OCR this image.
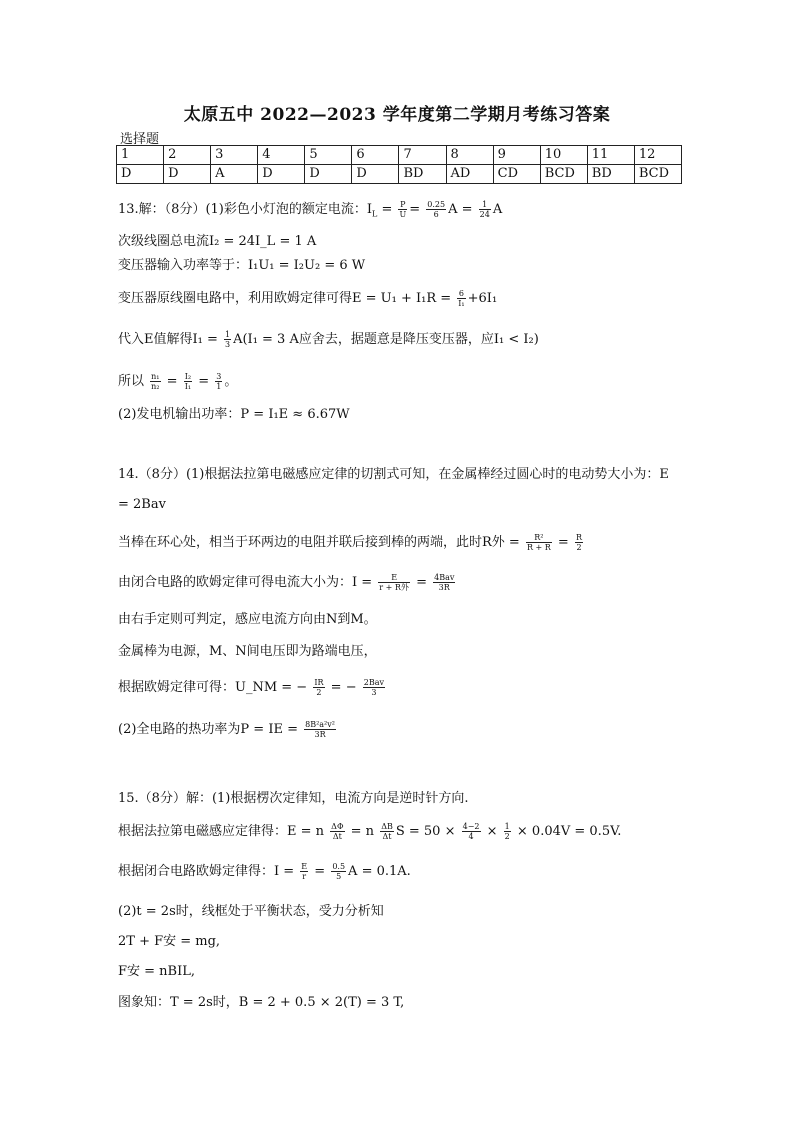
太原五中 2022—2023 学年度第二学期月考练习答案
选择题
1	2	3	4	5	6	7	8	9	10	11	12
D	D	A	D	D	D	BD	AD	CD	BCD	BD	BCD
13.解：（8分）(1)彩色小灯泡的额定电流：$I_L = \frac{P}{U} = \frac{0.25}{6}$ $A = \frac{1}{24}$ A
次级线圈总电流I₂ = 24I_L = 1 A
变压器输入功率等于：I₁U₁ = I₂U₂ = 6 W
变压器原线圈电路中，利用欧姆定律可得$E = U_1 + I_1R = \frac{6}{\text{I₁}} +6I_1$
代入E值解得$I_1 = \frac{1}{3} A(I_1 = 3$ A应舍去，据题意是降压变压器，应I₁ < I₂)
所以 $\frac{\text{n₁}}{\text{n₂}} = \frac{\text{I₂}}{\text{I₁}} = \frac{3}{1}$ 。
(2)发电机输出功率：P = I₁E ≈ 6.67W
14.（8分）(1)根据法拉第电磁感应定律的切割式可知，在金属棒经过圆心时的电动势大小为：E = 2Bav
当棒在环心处，相当于环两边的电阻并联后接到棒的两端，此时R外 = $\frac{\text{R²}}{R + R} = \frac{R}{2}$
由闭合电路的欧姆定律可得电流大小为：$I = \frac{E}{\text{r + R外}} = \frac{\text{4Bav}}{3R}$
由右手定则可判定，感应电流方向由N到M。
金属棒为电源，M、N间电压即为路端电压，
根据欧姆定律可得：U_NM = − $\frac{IR}{2}$ = − $\frac{\text{2Bav}}{3}$
(2)全电路的热功率为P = IE = $\frac{\text{8B²a²v²}}{3R}$
15.（8分）解：(1)根据楞次定律知，电流方向是逆时针方向.
根据法拉第电磁感应定律得：E = n $\frac{\Delta\Phi}{\Delta t} = n \frac{\Delta B}{\Delta t}$ $S = 50 \times \frac{4-2}{4} \times \frac{1}{2} \times 0.04V = 0.5V$.
根据闭合电路欧姆定律得：$I = \frac{E}{r} = \frac{0.5}{5}$ A = 0.1A.
(2)t = 2s时，线框处于平衡状态，受力分析知
2T + F安 = mg,
F安 = nBIL,
图象知：T = 2s时，B = 2 + 0.5 × 2(T) = 3 T,
